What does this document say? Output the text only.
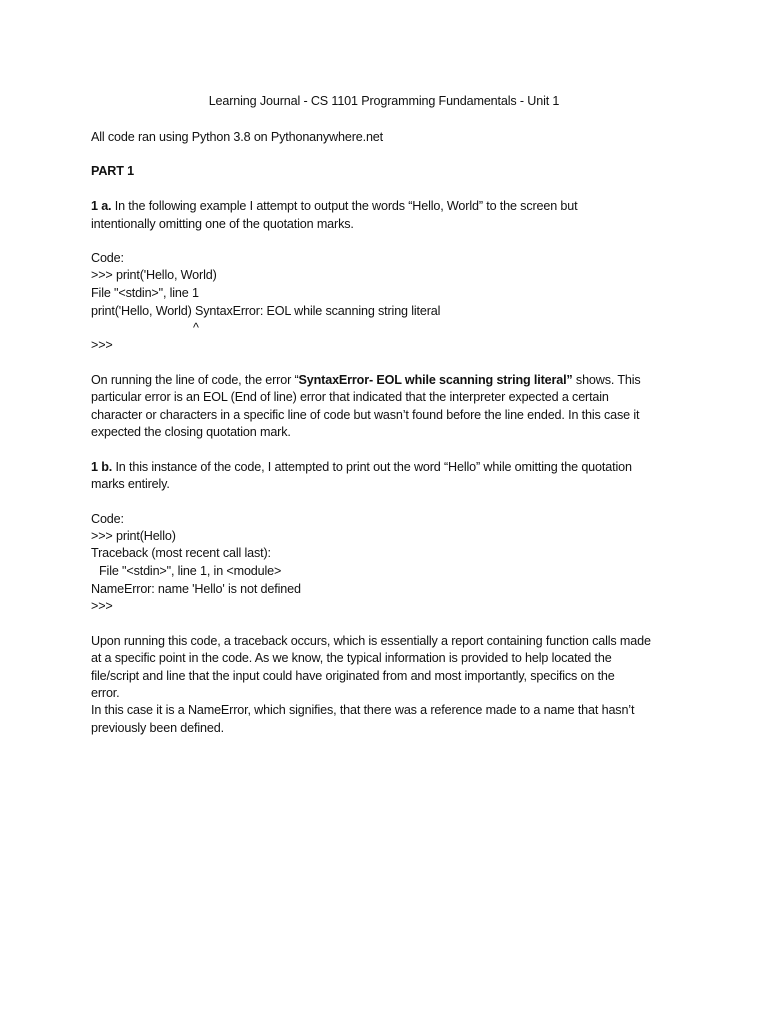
Learning Journal - CS 1101 Programming Fundamentals - Unit 1
All code ran using Python 3.8 on Pythonanywhere.net
PART 1
1 a. In the following example I attempt to output the words “Hello, World” to the screen but
intentionally omitting one of the quotation marks.
Code:
>>> print('Hello, World)
File "<stdin>", line 1
print('Hello, World) SyntaxError: EOL while scanning string literal
^
>>>
On running the line of code, the error “SyntaxError- EOL while scanning string literal” shows. This
particular error is an EOL (End of line) error that indicated that the interpreter expected a certain
character or characters in a specific line of code but wasn’t found before the line ended. In this case it
expected the closing quotation mark.
1 b. In this instance of the code, I attempted to print out the word “Hello” while omitting the quotation
marks entirely.
Code:
>>> print(Hello)
Traceback (most recent call last):
File "<stdin>", line 1, in <module>
NameError: name 'Hello' is not defined
>>>
Upon running this code, a traceback occurs, which is essentially a report containing function calls made
at a specific point in the code. As we know, the typical information is provided to help located the
file/script and line that the input could have originated from and most importantly, specifics on the
error.
In this case it is a NameError, which signifies, that there was a reference made to a name that hasn’t
previously been defined.
